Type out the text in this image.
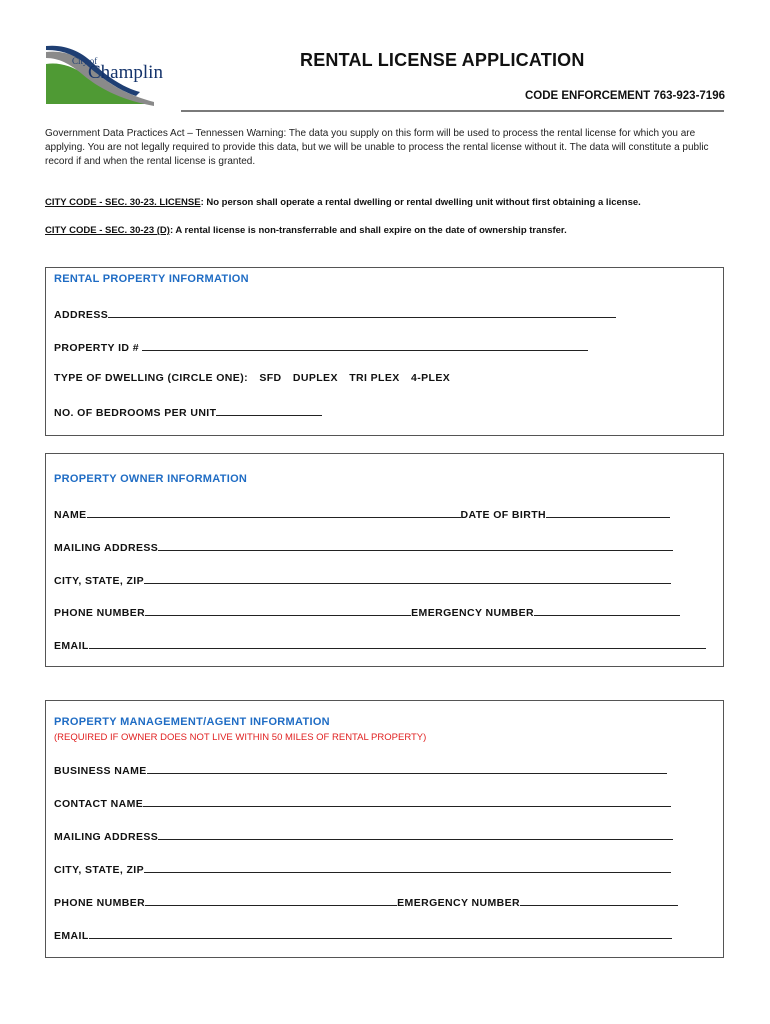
City of
Champlin
RENTAL LICENSE APPLICATION
CODE ENFORCEMENT 763-923-7196
Government Data Practices Act – Tennessen Warning: The data you supply on this form will be used to process the rental license for which you are applying. You are not legally required to provide this data, but we will be unable to process the rental license without it. The data will constitute a public record if and when the rental license is granted.
CITY CODE - SEC. 30-23. LICENSE: No person shall operate a rental dwelling or rental dwelling unit without first obtaining a license.
CITY CODE - SEC. 30-23 (D): A rental license is non-transferrable and shall expire on the date of ownership transfer.
RENTAL PROPERTY INFORMATION
ADDRESS
PROPERTY ID #
TYPE OF DWELLING (CIRCLE ONE): SFD DUPLEX TRI PLEX 4-PLEX
NO. OF BEDROOMS PER UNIT
PROPERTY OWNER INFORMATION
NAME	DATE OF BIRTH
MAILING ADDRESS
CITY, STATE, ZIP
PHONE NUMBER	EMERGENCY NUMBER
EMAIL
PROPERTY MANAGEMENT/AGENT INFORMATION
(REQUIRED IF OWNER DOES NOT LIVE WITHIN 50 MILES OF RENTAL PROPERTY)
BUSINESS NAME
CONTACT NAME
MAILING ADDRESS
CITY, STATE, ZIP
PHONE NUMBER	EMERGENCY NUMBER
EMAIL
